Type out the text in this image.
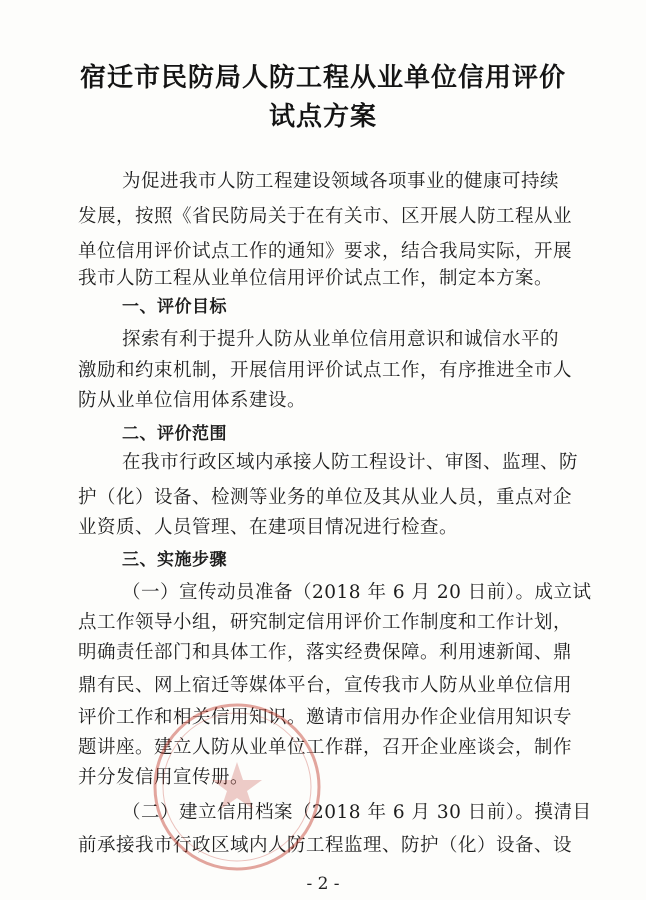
宿迁市民防局人防工程从业单位信用评价
试点方案
为促进我市人防工程建设领域各项事业的健康可持续
发展，按照《省民防局关于在有关市、区开展人防工程从业
单位信用评价试点工作的通知》要求，结合我局实际，开展
我市人防工程从业单位信用评价试点工作，制定本方案。
一、评价目标
探索有利于提升人防从业单位信用意识和诚信水平的
激励和约束机制，开展信用评价试点工作，有序推进全市人
防从业单位信用体系建设。
二、评价范围
在我市行政区域内承接人防工程设计、审图、监理、防
护（化）设备、检测等业务的单位及其从业人员，重点对企
业资质、人员管理、在建项目情况进行检查。
三、实施步骤
（一）宣传动员准备（2018 年 6 月 20 日前）。成立试
点工作领导小组，研究制定信用评价工作制度和工作计划，
明确责任部门和具体工作，落实经费保障。利用速新闻、鼎
鼎有民、网上宿迁等媒体平台，宣传我市人防从业单位信用
评价工作和相关信用知识。邀请市信用办作企业信用知识专
题讲座。建立人防从业单位工作群，召开企业座谈会，制作
并分发信用宣传册。
（二）建立信用档案（2018 年 6 月 30 日前）。摸清目
前承接我市行政区域内人防工程监理、防护（化）设备、设
- 2 -
